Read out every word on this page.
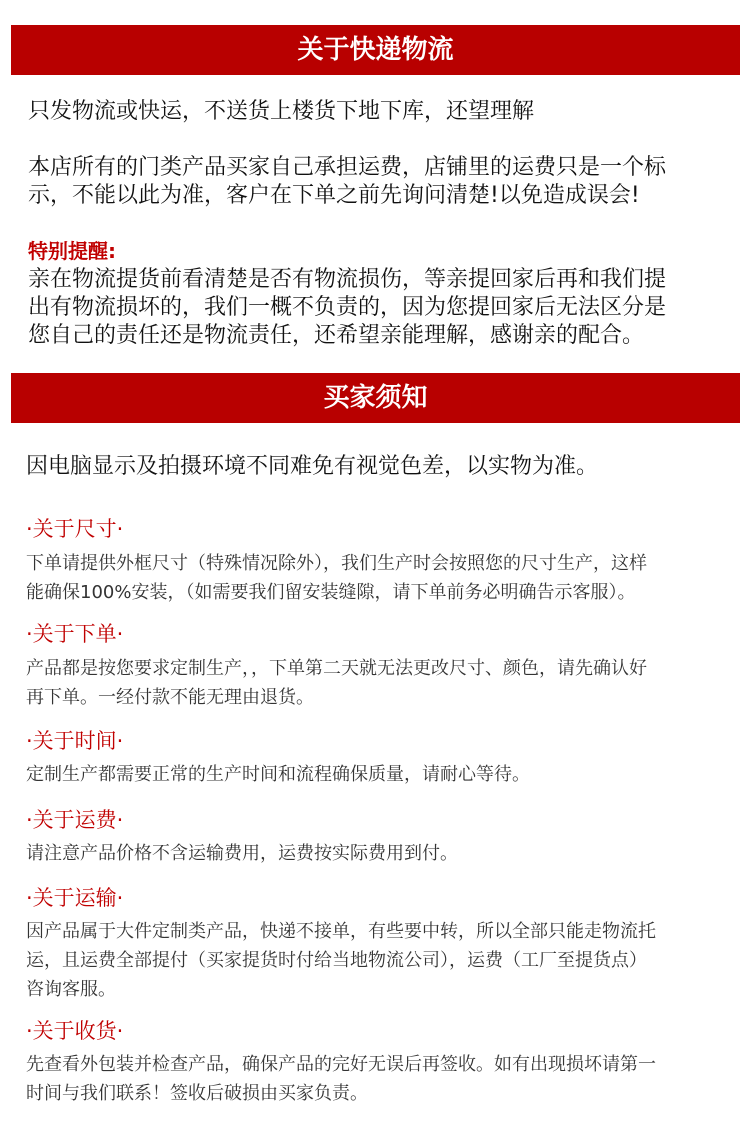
关于快递物流
只发物流或快运，不送货上楼货下地下库，还望理解
本店所有的门类产品买家自己承担运费，店铺里的运费只是一个标
示，不能以此为准，客户在下单之前先询问清楚!以免造成误会!
特别提醒:
亲在物流提货前看清楚是否有物流损伤，等亲提回家后再和我们提
出有物流损坏的，我们一概不负责的，因为您提回家后无法区分是
您自己的责任还是物流责任，还希望亲能理解，感谢亲的配合。
买家须知
因电脑显示及拍摄环境不同难免有视觉色差，以实物为准。
·关于尺寸·
下单请提供外框尺寸（特殊情况除外），我们生产时会按照您的尺寸生产，这样
能确保100%安装，（如需要我们留安装缝隙，请下单前务必明确告示客服）。
·关于下单·
产品都是按您要求定制生产，，下单第二天就无法更改尺寸、颜色，请先确认好
再下单。一经付款不能无理由退货。
·关于时间·
定制生产都需要正常的生产时间和流程确保质量，请耐心等待。
·关于运费·
请注意产品价格不含运输费用，运费按实际费用到付。
·关于运输·
因产品属于大件定制类产品，快递不接单，有些要中转，所以全部只能走物流托
运，且运费全部提付（买家提货时付给当地物流公司），运费（工厂至提货点）
咨询客服。
·关于收货·
先查看外包装并检查产品，确保产品的完好无误后再签收。如有出现损坏请第一
时间与我们联系！签收后破损由买家负责。
